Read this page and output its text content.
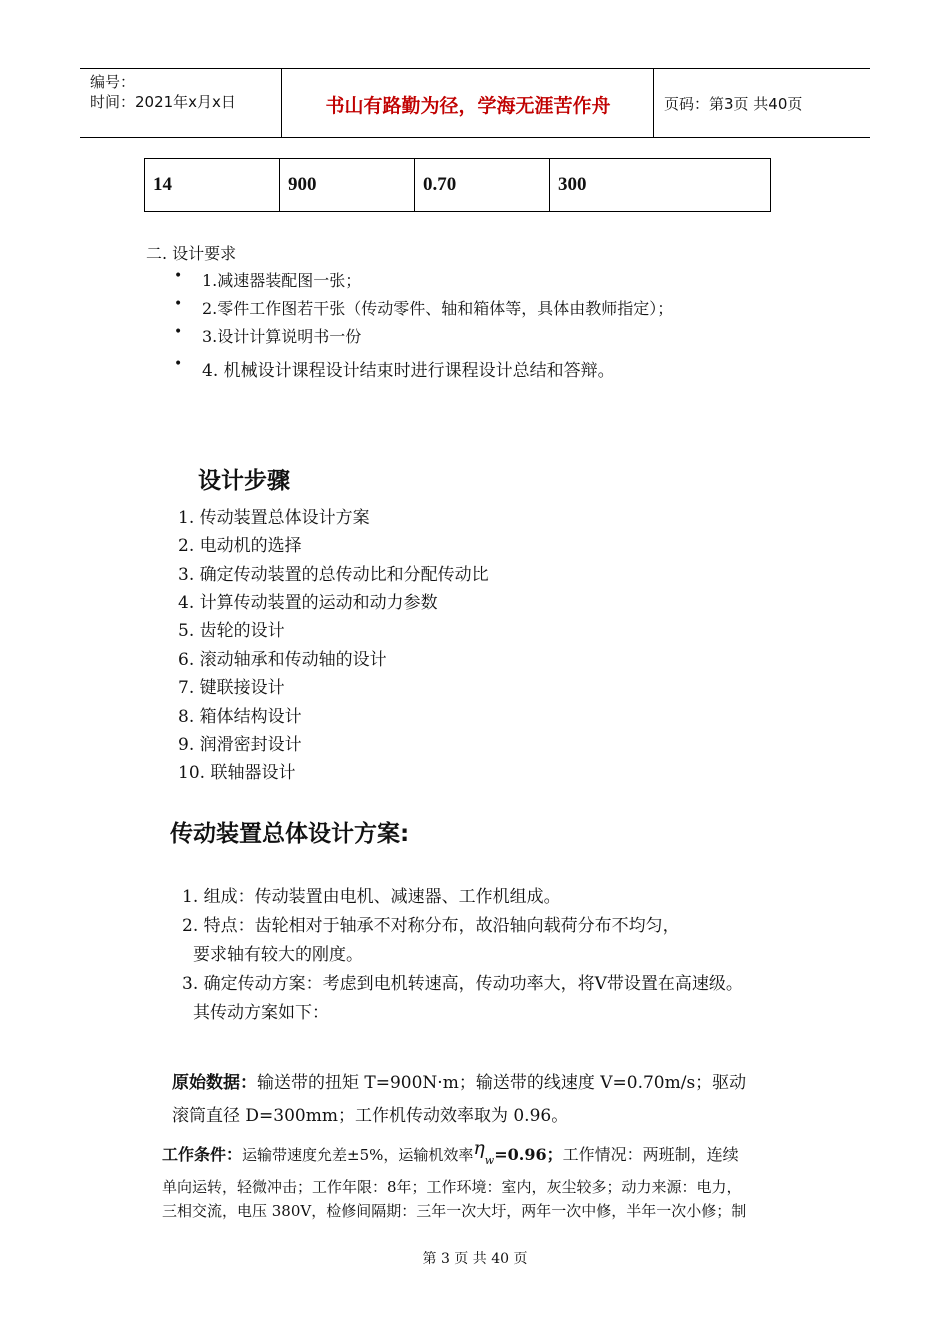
编号：
时间：2021年x月x日	书山有路勤为径，学海无涯苦作舟	页码：第3页 共40页
14	900	0.70	300
二. 设计要求
• 1.减速器装配图一张；
• 2.零件工作图若干张（传动零件、轴和箱体等，具体由教师指定）；
• 3.设计计算说明书一份
• 4. 机械设计课程设计结束时进行课程设计总结和答辩。
设计步骤
1. 传动装置总体设计方案
2. 电动机的选择
3. 确定传动装置的总传动比和分配传动比
4. 计算传动装置的运动和动力参数
5. 齿轮的设计
6. 滚动轴承和传动轴的设计
7. 键联接设计
8. 箱体结构设计
9. 润滑密封设计
10. 联轴器设计
传动装置总体设计方案:
1. 组成：传动装置由电机、减速器、工作机组成。
2. 特点：齿轮相对于轴承不对称分布，故沿轴向载荷分布不均匀，
要求轴有较大的刚度。
3. 确定传动方案：考虑到电机转速高，传动功率大，将V带设置在高速级。
其传动方案如下：
原始数据：输送带的扭矩 T=900N·m；输送带的线速度 V=0.70m/s；驱动
滚筒直径 D=300mm；工作机传动效率取为 0.96。
工作条件：运输带速度允差±5%，运输机效率$\eta_w=0.96$；工作情况：两班制，连续
单向运转，轻微冲击；工作年限：8年；工作环境：室内，灰尘较多；动力来源：电力，
三相交流，电压 380V，检修间隔期：三年一次大圩，两年一次中修，半年一次小修；制
第 3 页 共 40 页
